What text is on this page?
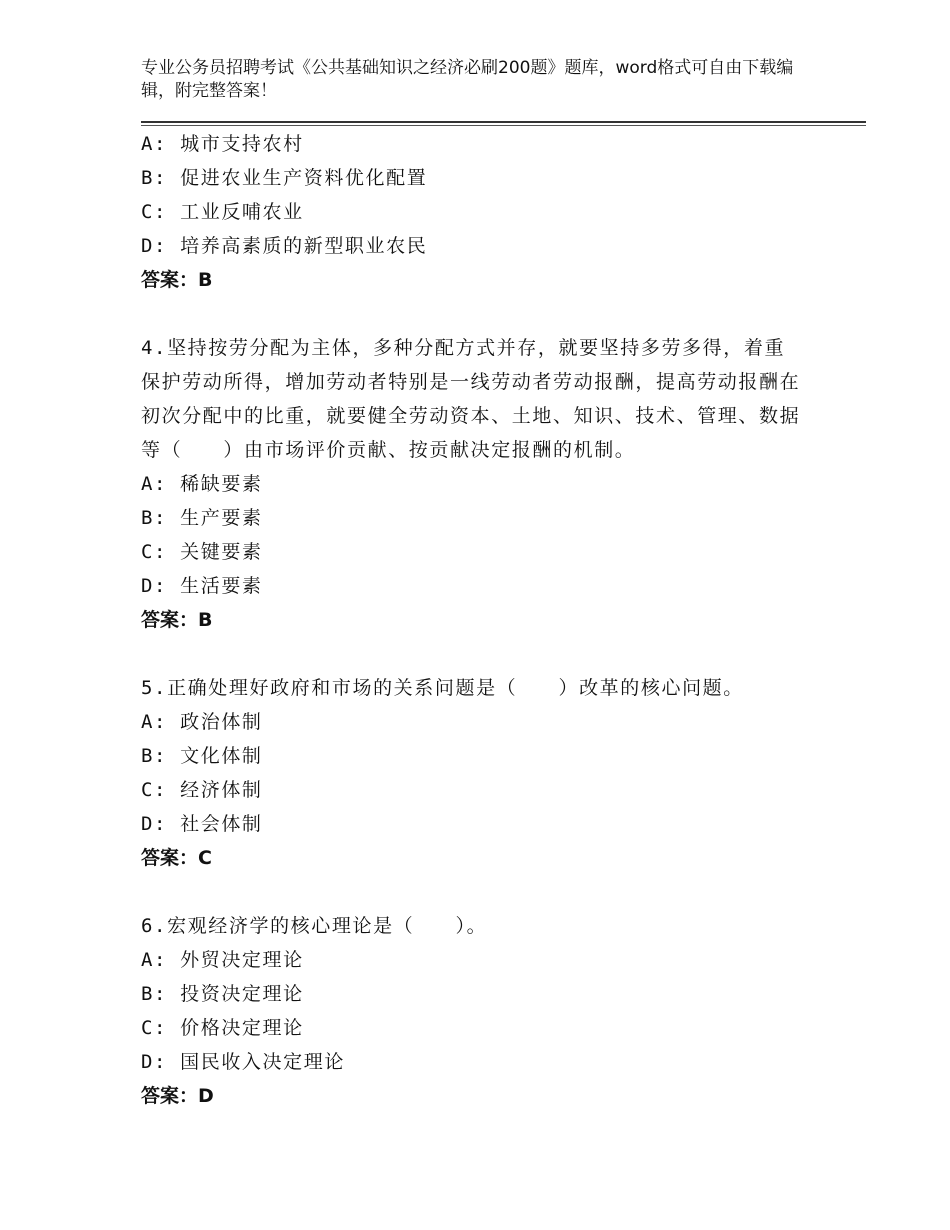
专业公务员招聘考试《公共基础知识之经济必刷200题》题库，word格式可自由下载编辑，附完整答案！
A: 城市支持农村
B: 促进农业生产资料优化配置
C: 工业反哺农业
D: 培养高素质的新型职业农民
答案：B
4.坚持按劳分配为主体，多种分配方式并存，就要坚持多劳多得，着重保护劳动所得，增加劳动者特别是一线劳动者劳动报酬，提高劳动报酬在初次分配中的比重，就要健全劳动资本、土地、知识、技术、管理、数据等（　　）由市场评价贡献、按贡献决定报酬的机制。
A: 稀缺要素
B: 生产要素
C: 关键要素
D: 生活要素
答案：B
5.正确处理好政府和市场的关系问题是（　　）改革的核心问题。
A: 政治体制
B: 文化体制
C: 经济体制
D: 社会体制
答案：C
6.宏观经济学的核心理论是（　　）。
A: 外贸决定理论
B: 投资决定理论
C: 价格决定理论
D: 国民收入决定理论
答案：D
